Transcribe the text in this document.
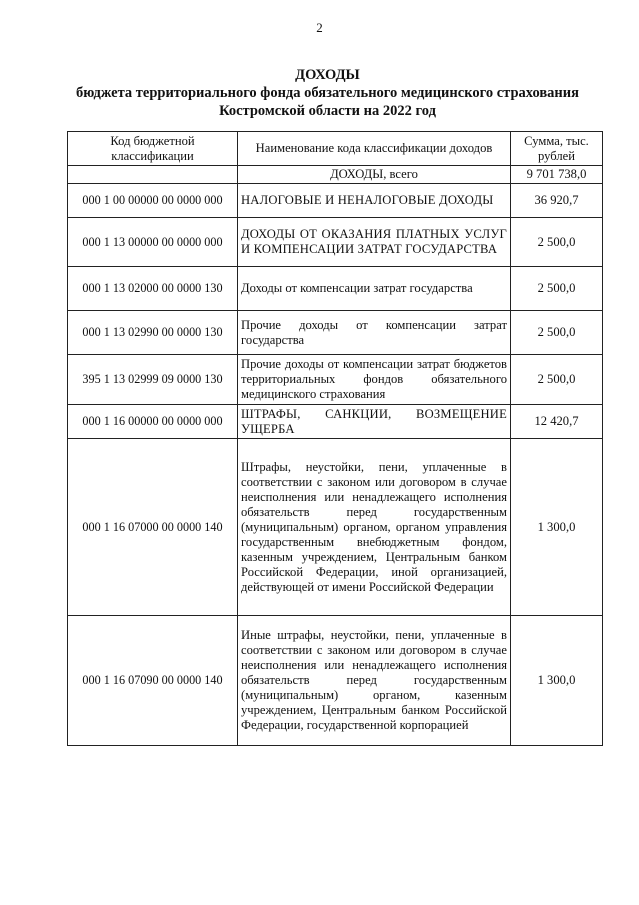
2
ДОХОДЫ
бюджета территориального фонда обязательного медицинского страхования
Костромской области на 2022 год
Код бюджетной классификации	Наименование кода классификации доходов	Сумма, тыс. рублей
	ДОХОДЫ, всего	9 701 738,0
000 1 00 00000 00 0000 000	НАЛОГОВЫЕ И НЕНАЛОГОВЫЕ ДОХОДЫ	36 920,7
000 1 13 00000 00 0000 000	ДОХОДЫ ОТ ОКАЗАНИЯ ПЛАТНЫХ УСЛУГ И КОМПЕНСАЦИИ ЗАТРАТ ГОСУДАРСТВА	2 500,0
000 1 13 02000 00 0000 130	Доходы от компенсации затрат государства	2 500,0
000 1 13 02990 00 0000 130	Прочие доходы от компенсации затрат государства	2 500,0
395 1 13 02999 09 0000 130	Прочие доходы от компенсации затрат бюджетов территориальных фондов обязательного медицинского страхования	2 500,0
000 1 16 00000 00 0000 000	ШТРАФЫ, САНКЦИИ, ВОЗМЕЩЕНИЕ УЩЕРБА	12 420,7
000 1 16 07000 00 0000 140	Штрафы, неустойки, пени, уплаченные в соответствии с законом или договором в случае неисполнения или ненадлежащего исполнения обязательств перед государственным (муниципальным) органом, органом управления государственным внебюджетным фондом, казенным учреждением, Центральным банком Российской Федерации, иной организацией, действующей от имени Российской Федерации	1 300,0
000 1 16 07090 00 0000 140	Иные штрафы, неустойки, пени, уплаченные в соответствии с законом или договором в случае неисполнения или ненадлежащего исполнения обязательств перед государственным (муниципальным) органом, казенным учреждением, Центральным банком Российской Федерации, государственной корпорацией	1 300,0
